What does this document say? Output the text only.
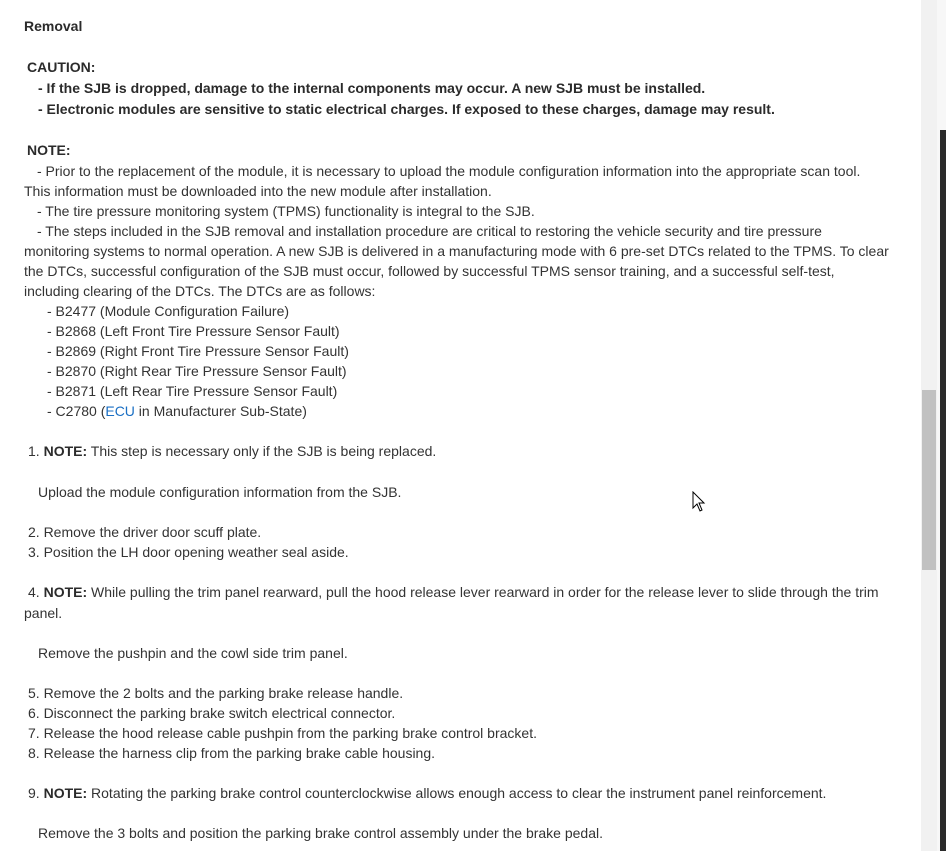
Removal
CAUTION:
- If the SJB is dropped, damage to the internal components may occur. A new SJB must be installed.
- Electronic modules are sensitive to static electrical charges. If exposed to these charges, damage may result.
NOTE:
- Prior to the replacement of the module, it is necessary to upload the module configuration information into the appropriate scan tool.
This information must be downloaded into the new module after installation.
- The tire pressure monitoring system (TPMS) functionality is integral to the SJB.
- The steps included in the SJB removal and installation procedure are critical to restoring the vehicle security and tire pressure
monitoring systems to normal operation. A new SJB is delivered in a manufacturing mode with 6 pre-set DTCs related to the TPMS. To clear
the DTCs, successful configuration of the SJB must occur, followed by successful TPMS sensor training, and a successful self-test,
including clearing of the DTCs. The DTCs are as follows:
- B2477 (Module Configuration Failure)
- B2868 (Left Front Tire Pressure Sensor Fault)
- B2869 (Right Front Tire Pressure Sensor Fault)
- B2870 (Right Rear Tire Pressure Sensor Fault)
- B2871 (Left Rear Tire Pressure Sensor Fault)
- C2780 (ECU in Manufacturer Sub-State)
1. NOTE: This step is necessary only if the SJB is being replaced.
Upload the module configuration information from the SJB.
2. Remove the driver door scuff plate.
3. Position the LH door opening weather seal aside.
4. NOTE: While pulling the trim panel rearward, pull the hood release lever rearward in order for the release lever to slide through the trim
panel.
Remove the pushpin and the cowl side trim panel.
5. Remove the 2 bolts and the parking brake release handle.
6. Disconnect the parking brake switch electrical connector.
7. Release the hood release cable pushpin from the parking brake control bracket.
8. Release the harness clip from the parking brake cable housing.
9. NOTE: Rotating the parking brake control counterclockwise allows enough access to clear the instrument panel reinforcement.
Remove the 3 bolts and position the parking brake control assembly under the brake pedal.
